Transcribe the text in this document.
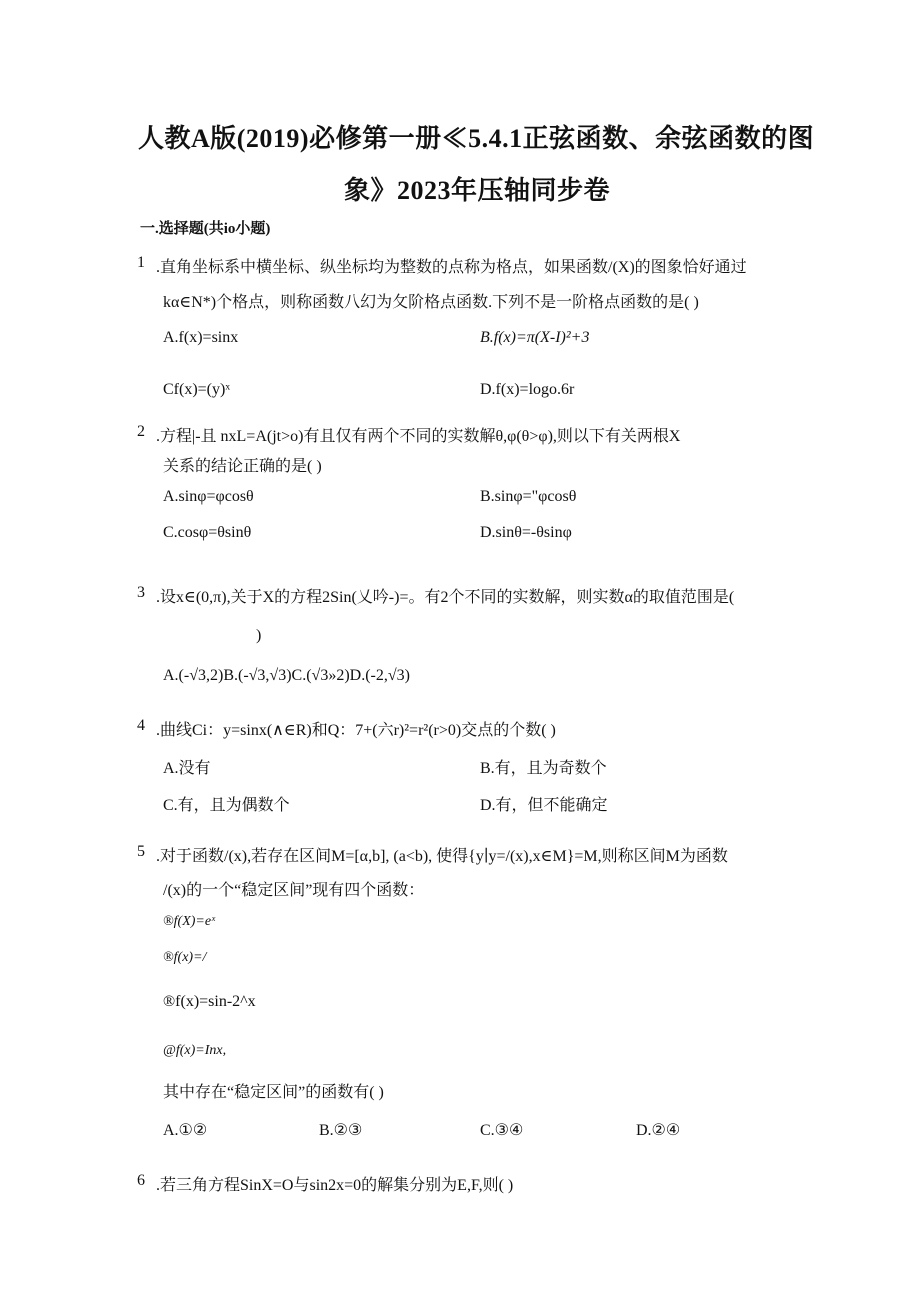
人教A版(2019)必修第一册≪5.4.1正弦函数、余弦函数的图
象》2023年压轴同步卷
一.选择题(共io小题)
1 .直角坐标系中横坐标、纵坐标均为整数的点称为格点，如果函数/(X)的图象恰好通过
kα∈N*)个格点，则称函数八幻为攵阶格点函数.下列不是一阶格点函数的是( )
A.f(x)=sinx	B.f(x)=π(X-I)²+3
Cf(x)=(y)ˣ	D.f(x)=logo.6r
2 .方程|-且 nxL=A(jt>o)有且仅有两个不同的实数解θ,φ(θ>φ),则以下有关两根X
关系的结论正确的是( )
A.sinφ=φcosθ	B.sinφ="φcosθ
C.cosφ=θsinθ	D.sinθ=-θsinφ
3 .设x∈(0,π),关于X的方程2Sin(乂吟-)=。有2个不同的实数解，则实数α的取值范围是(
)
A.(-√3,2)B.(-√3,√3)C.(√3»2)D.(-2,√3)
4 .曲线Ci：y=sinx(∧∈R)和Q：7+(六r)²=r²(r>0)交点的个数( )
A.没有	B.有，且为奇数个
C.有，且为偶数个	D.有，但不能确定
5 .对于函数/(x),若存在区间M=[α,b], (a<b), 使得{y∣y=/(x),x∈M}=M,则称区间M为函数
/(x)的一个“稳定区间”现有四个函数：
®f(X)=eˣ
®f(x)=/
®f(x)=sin-2^x
@f(x)=Inx,
其中存在“稳定区间”的函数有( )
A.①②	B.②③	C.③④	D.②④
6 .若三角方程SinX=O与sin2x=0的解集分别为E,F,则( )
